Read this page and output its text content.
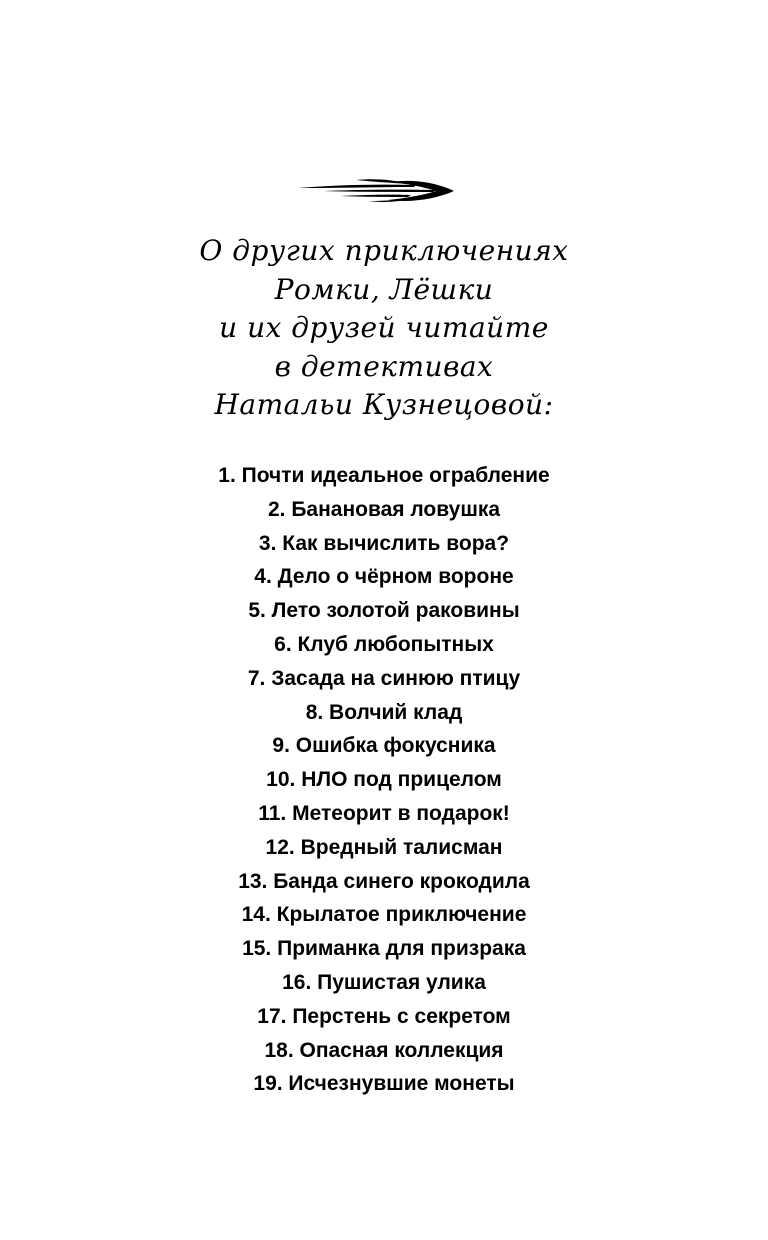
О других приключениях
Ромки, Лёшки
и их друзей читайте
в детективах
Натальи Кузнецовой:
1. Почти идеальное ограбление
2. Банановая ловушка
3. Как вычислить вора?
4. Дело о чёрном вороне
5. Лето золотой раковины
6. Клуб любопытных
7. Засада на синюю птицу
8. Волчий клад
9. Ошибка фокусника
10. НЛО под прицелом
11. Метеорит в подарок!
12. Вредный талисман
13. Банда синего крокодила
14. Крылатое приключение
15. Приманка для призрака
16. Пушистая улика
17. Перстень с секретом
18. Опасная коллекция
19. Исчезнувшие монеты
